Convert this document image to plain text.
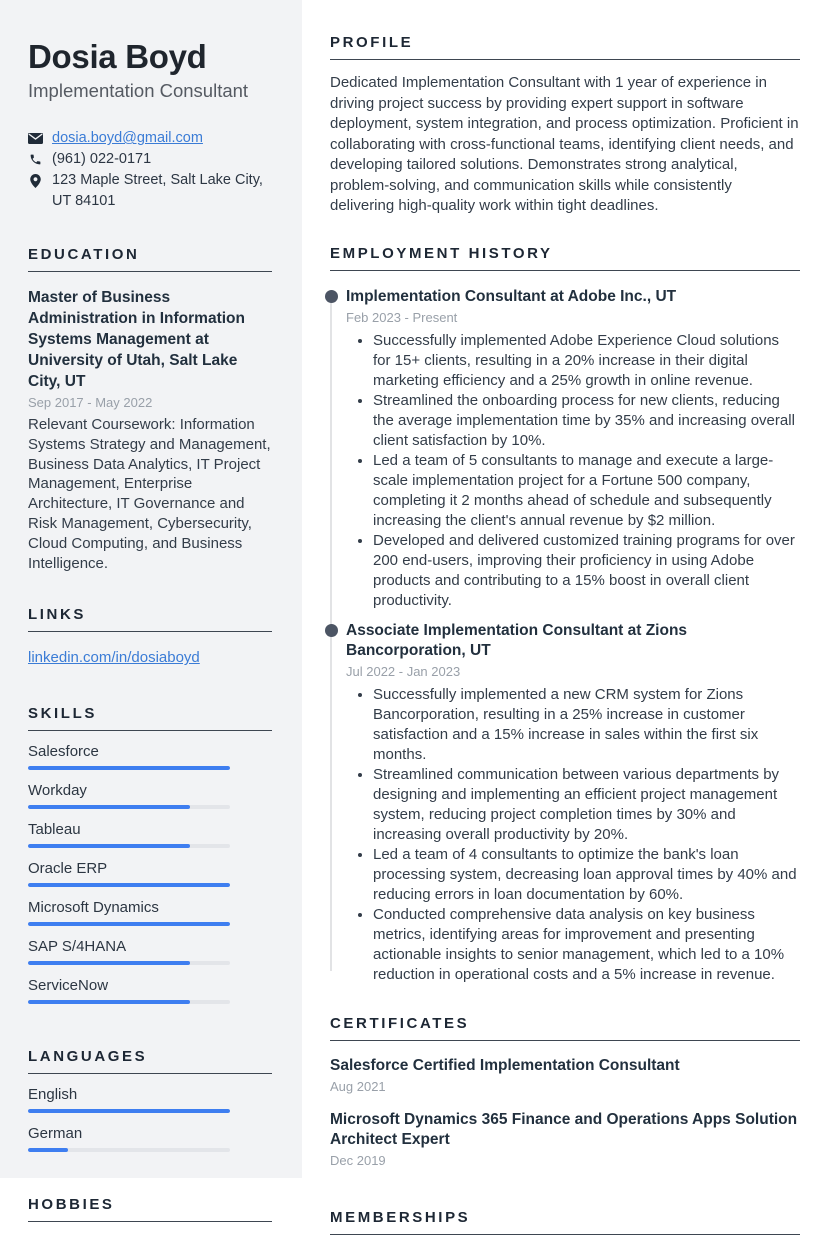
Dosia Boyd
Implementation Consultant
dosia.boyd@gmail.com
(961) 022-0171
123 Maple Street, Salt Lake City, UT 84101
EDUCATION
Master of Business Administration in Information Systems Management at University of Utah, Salt Lake City, UT
Sep 2017 - May 2022
Relevant Coursework: Information Systems Strategy and Management, Business Data Analytics, IT Project Management, Enterprise Architecture, IT Governance and Risk Management, Cybersecurity, Cloud Computing, and Business Intelligence.
LINKS
linkedin.com/in/dosiaboyd
SKILLS
Salesforce
Workday
Tableau
Oracle ERP
Microsoft Dynamics
SAP S/4HANA
ServiceNow
LANGUAGES
English
German
HOBBIES
PROFILE

Dedicated Implementation Consultant with 1 year of experience in driving project success by providing expert support in software deployment, system integration, and process optimization. Proficient in collaborating with cross-functional teams, identifying client needs, and developing tailored solutions. Demonstrates strong analytical, problem-solving, and communication skills while consistently delivering high-quality work within tight deadlines.

EMPLOYMENT HISTORY
Implementation Consultant at Adobe Inc., UT
Feb 2023 - Present
• Successfully implemented Adobe Experience Cloud solutions for 15+ clients, resulting in a 20% increase in their digital marketing efficiency and a 25% growth in online revenue.
• Streamlined the onboarding process for new clients, reducing the average implementation time by 35% and increasing overall client satisfaction by 10%.
• Led a team of 5 consultants to manage and execute a large-scale implementation project for a Fortune 500 company, completing it 2 months ahead of schedule and subsequently increasing the client's annual revenue by $2 million.
• Developed and delivered customized training programs for over 200 end-users, improving their proficiency in using Adobe products and contributing to a 15% boost in overall client productivity.
Associate Implementation Consultant at Zions Bancorporation, UT
Jul 2022 - Jan 2023
• Successfully implemented a new CRM system for Zions Bancorporation, resulting in a 25% increase in customer satisfaction and a 15% increase in sales within the first six months.
• Streamlined communication between various departments by designing and implementing an efficient project management system, reducing project completion times by 30% and increasing overall productivity by 20%.
• Led a team of 4 consultants to optimize the bank's loan processing system, decreasing loan approval times by 40% and reducing errors in loan documentation by 60%.
• Conducted comprehensive data analysis on key business metrics, identifying areas for improvement and presenting actionable insights to senior management, which led to a 10% reduction in operational costs and a 5% increase in revenue.
CERTIFICATES
Salesforce Certified Implementation Consultant
Aug 2021
Microsoft Dynamics 365 Finance and Operations Apps Solution Architect Expert
Dec 2019
MEMBERSHIPS
